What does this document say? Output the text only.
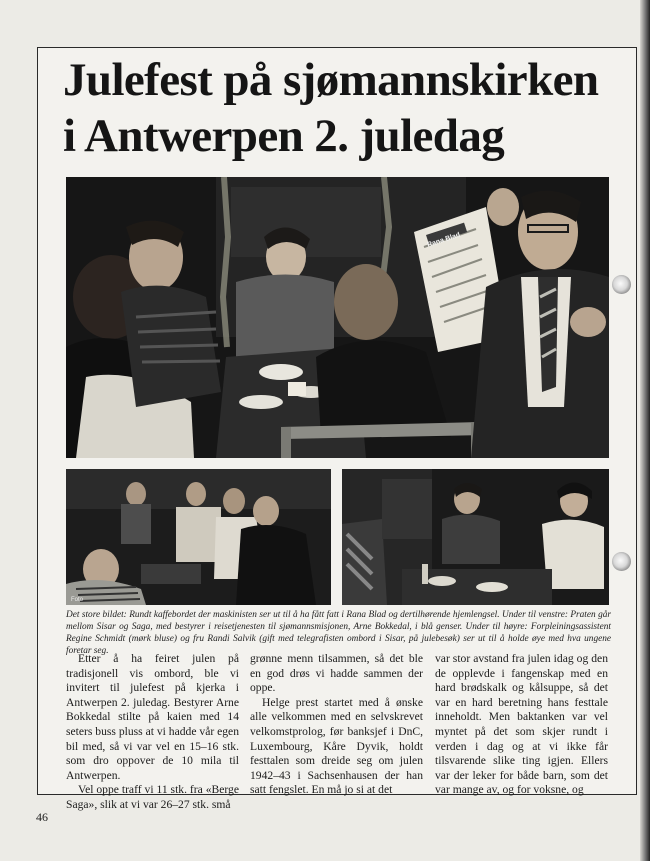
Julefest på sjømannskirken
i Antwerpen 2. juledag
Rana Blad
Foto

Det store bildet: Rundt kaffebordet der maskinisten ser ut til å ha fått fatt i Rana Blad og dertilhørende hjemlengsel. Under til venstre: Praten går mellom Sisar og Saga, med bestyrer i reisetjenesten til sjømannsmisjonen, Arne Bokkedal, i blå genser. Under til høyre: Forpleiningsassistent Regine Schmidt (mørk bluse) og fru Randi Salvik (gift med telegrafisten ombord i Sisar, på julebesøk) ser ut til å holde øye med hva ungene foretar seg.

Etter å ha feiret julen på tradisjonell vis ombord, ble vi invitert til julefest på kjerka i Antwerpen 2. juledag. Bestyrer Arne Bokkedal stilte på kaien med 14 seters buss pluss at vi hadde vår egen bil med, så vi var vel en 15–16 stk. som dro oppover de 10 mila til Antwerpen.

Vel oppe traff vi 11 stk. fra «Berge Saga», slik at vi var 26–27 stk. små

grønne menn tilsammen, så det ble en god drøs vi hadde sammen der oppe.

Helge prest startet med å ønske alle velkommen med en selvskrevet velkomstprolog, før banksjef i DnC, Luxembourg, Kåre Dyvik, holdt festtalen som dreide seg om julen 1942–43 i Sachsenhausen der han satt fengslet. En må jo si at det

var stor avstand fra julen idag og den de opplevde i fangenskap med en hard brødskalk og kålsuppe, så det var en hard beretning hans festtale inneholdt. Men baktanken var vel myntet på det som skjer rundt i verden i dag og at vi ikke får tilsvarende slike ting igjen. Ellers var der leker for både barn, som det var mange av, og for voksne, og

46
